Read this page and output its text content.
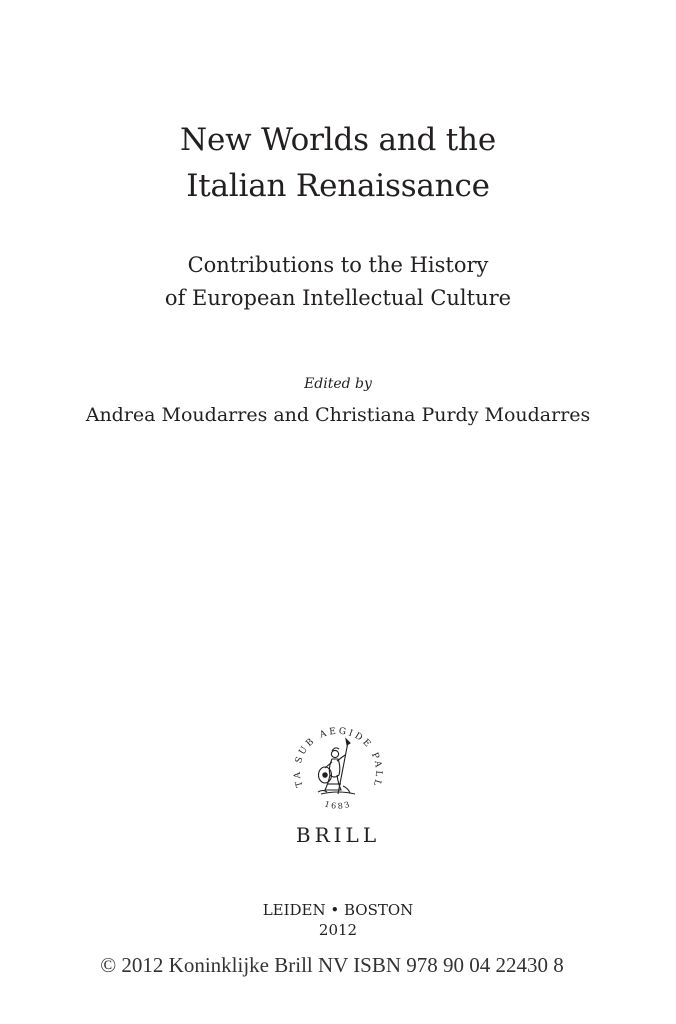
New Worlds and the

Italian Renaissance

Contributions to the History

of European Intellectual Culture

Edited by

Andrea Moudarres and Christiana Purdy Moudarres

TA SUB AEGIDE PALL
1683

BRILL

LEIDEN • BOSTON

2012

© 2012 Koninklijke Brill NV ISBN 978 90 04 22430 8
